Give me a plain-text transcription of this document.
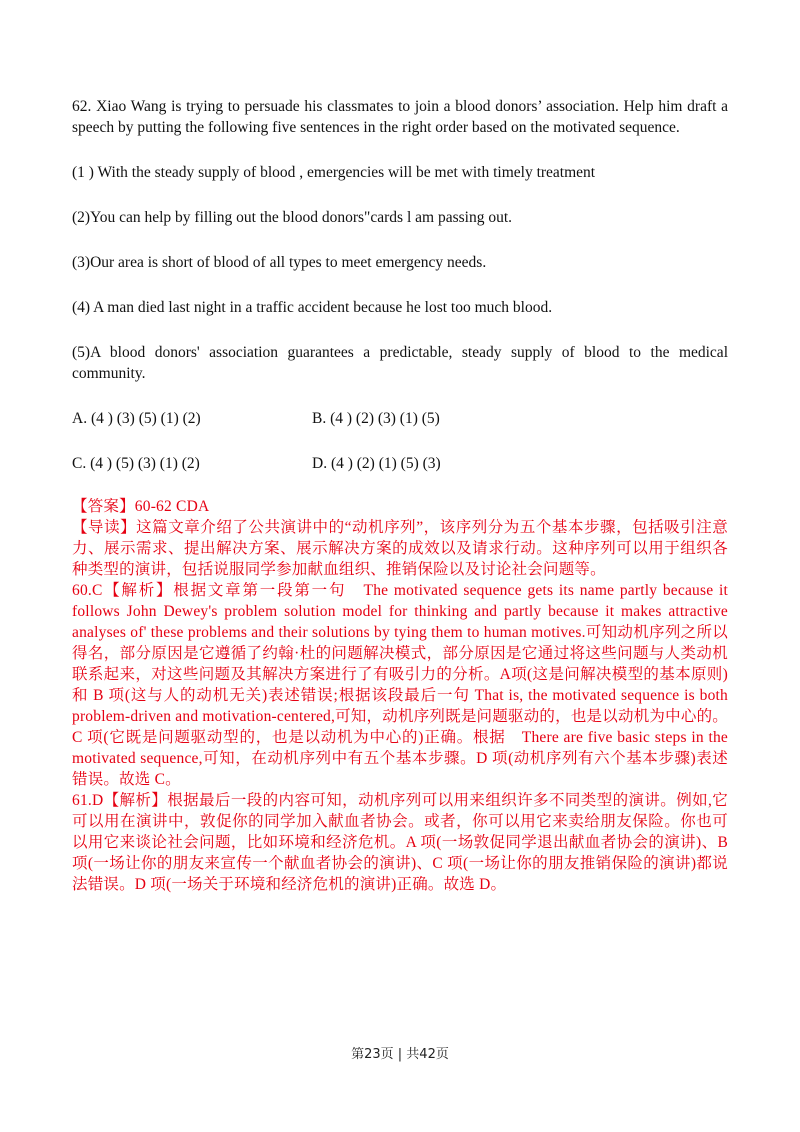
62. Xiao Wang is trying to persuade his classmates to join a blood donors’ association. Help him draft a speech by putting the following five sentences in the right order based on the motivated sequence.

(1 ) With the steady supply of blood , emergencies will be met with timely treatment

(2)You can help by filling out the blood donors"cards l am passing out.

(3)Our area is short of blood of all types to meet emergency needs.

(4) A man died last night in a traffic accident because he lost too much blood.

(5)A blood donors' association guarantees a predictable, steady supply of blood to the medical community.

A. (4 ) (3) (5) (1) (2)	B. (4 ) (2) (3) (1) (5)
C. (4 ) (5) (3) (1) (2)	D. (4 ) (2) (1) (5) (3)

【答案】60-62 CDA

【导读】这篇文章介绍了公共演讲中的“动机序列”，该序列分为五个基本步骤，包括吸引注意力、展示需求、提出解决方案、展示解决方案的成效以及请求行动。这种序列可以用于组织各种类型的演讲，包括说服同学参加献血组织、推销保险以及讨论社会问题等。

60.C【解析】根据文章第一段第一句　The motivated sequence gets its name partly because it follows John Dewey's problem solution model for thinking and partly because it makes attractive analyses of' these problems and their solutions by tying them to human motives.可知动机序列之所以得名，部分原因是它遵循了约翰·杜的问题解决模式，部分原因是它通过将这些问题与人类动机联系起来，对这些问题及其解决方案进行了有吸引力的分析。A项(这是问解决模型的基本原则)和 B 项(这与人的动机无关)表述错误;根据该段最后一句 That is, the motivated sequence is both problem-driven and motivation-centered,可知，动机序列既是问题驱动的，也是以动机为中心的。C 项(它既是问题驱动型的，也是以动机为中心的)正确。根据　There are five basic steps in the motivated sequence,可知，在动机序列中有五个基本步骤。D 项(动机序列有六个基本步骤)表述错误。故选 C。

61.D【解析】根据最后一段的内容可知，动机序列可以用来组织许多不同类型的演讲。例如,它可以用在演讲中，敦促你的同学加入献血者协会。或者，你可以用它来卖给朋友保险。你也可以用它来谈论社会问题，比如环境和经济危机。A 项(一场敦促同学退出献血者协会的演讲)、B 项(一场让你的朋友来宣传一个献血者协会的演讲)、C 项(一场让你的朋友推销保险的演讲)都说法错误。D 项(一场关于环境和经济危机的演讲)正确。故选 D。

第23页 | 共42页
